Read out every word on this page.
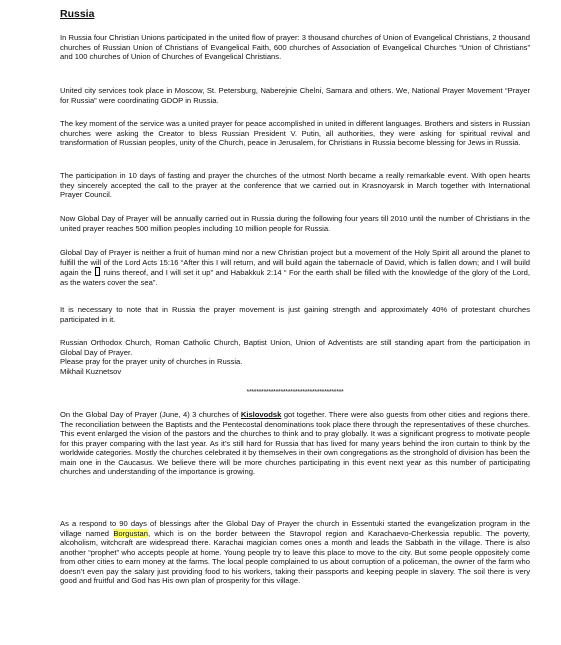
Russia

In Russia four Christian Unions participated in the united flow of prayer: 3 thousand churches of Union of Evangelical Christians, 2 thousand churches of Russian Union of Christians of Evangelical Faith, 600 churches of Association of Evangelical Churches “Union of Christians” and 100 churches of Union of Churches of Evangelical Christians.

United city services took place in Moscow, St. Petersburg, Naberejnie Chelni, Samara and others. We, National Prayer Movement “Prayer for Russia” were coordinating GDOP in Russia.

The key moment of the service was a united prayer for peace accomplished in united in different languages. Brothers and sisters in Russian churches were asking the Creator to bless Russian President V. Putin, all authorities, they were asking for spiritual revival and transformation of Russian peoples, unity of the Church, peace in Jerusalem, for Christians in Russia become blessing for Jews in Russia.

The participation in 10 days of fasting and prayer the churches of the utmost North became a really remarkable event. With open hearts they sincerely accepted the call to the prayer at the conference that we carried out in Krasnoyarsk in March together with International Prayer Council.

Now Global Day of Prayer will be annually carried out in Russia during the following four years till 2010 until the number of Christians in the united prayer reaches 500 million peoples including 10 million people for Russia.

Global Day of Prayer is neither a fruit of human mind nor a new Christian project but a movement of the Holy Spirit all around the planet to fulfill the will of the Lord Acts 15:16 “After this I will return, and will build again the tabernacle of David, which is fallen down; and I will build again the ruins thereof, and I will set it up” and Habakkuk 2:14 “ For the earth shall be filled with the knowledge of the glory of the Lord, as the waters cover the sea”.

It is necessary to note that in Russia the prayer movement is just gaining strength and approximately 40% of protestant churches participated in it.

Russian Orthodox Church, Roman Catholic Church, Baptist Union, Union of Adventists are still standing apart from the participation in Global Day of Prayer.
Please pray for the prayer unity of churches in Russia.
Mikhail Kuznetsov

****************************************

On the Global Day of Prayer (June, 4) 3 churches of Kislovodsk got together. There were also guests from other cities and regions there. The reconciliation between the Baptists and the Pentecostal denominations took place there through the representatives of these churches. This event enlarged the vision of the pastors and the churches to think and to pray globally. It was a significant progress to motivate people for this prayer comparing with the last year. As it’s still hard for Russia that has lived for many years behind the iron curtain to think by the worldwide categories. Mostly the churches celebrated it by themselves in their own congregations as the stronghold of division has been the main one in the Caucasus. We believe there will be more churches participating in this event next year as this number of participating churches and understanding of the importance is growing.

As a respond to 90 days of blessings after the Global Day of Prayer the church in Essentuki started the evangelization program in the village named Borgustan, which is on the border between the Stavropol region and Karachaevo-Cherkessia republic. The poverty, alcoholism, witchcraft are widespread there. Karachai magician comes ones a month and leads the Sabbath in the village. There is also another “prophet” who accepts people at home. Young people try to leave this place to move to the city. But some people oppositely come from other cities to earn money at the farms. The local people complained to us about corruption of a policeman, the owner of the farm who doesn’t even pay the salary just providing food to his workers, taking their passports and keeping people in slavery. The soil there is very good and fruitful and God has His own plan of prosperity for this village.
